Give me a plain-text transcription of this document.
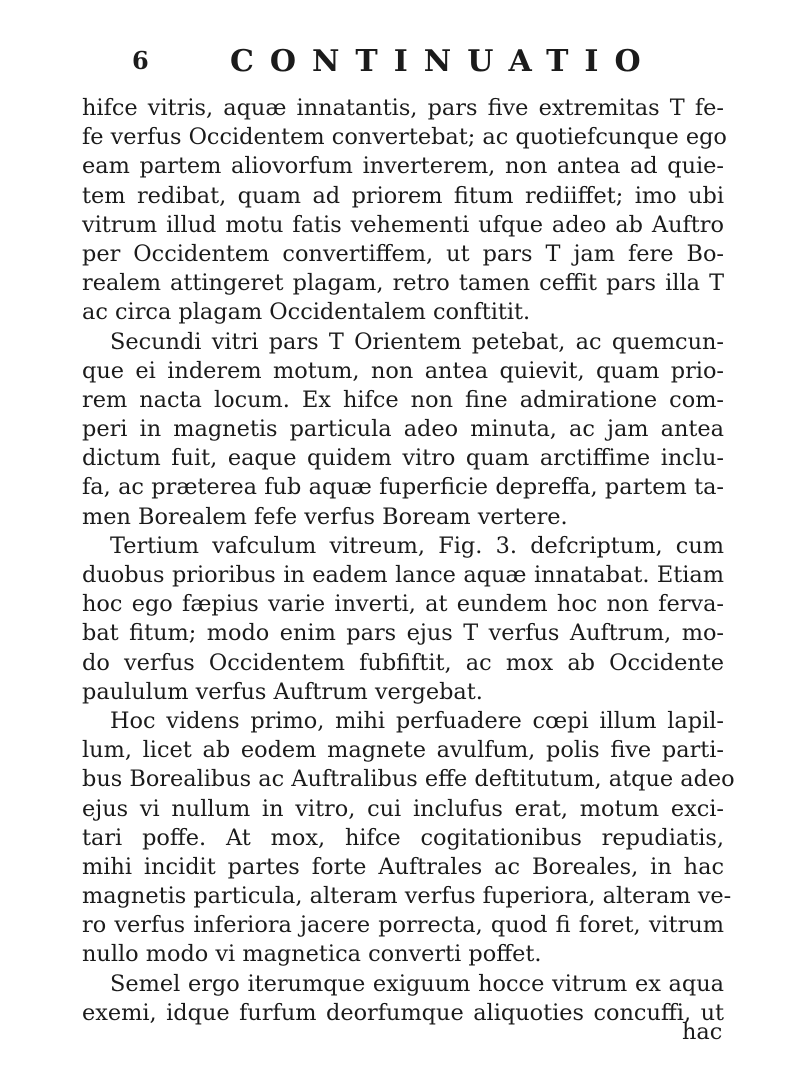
6	CONTINUATIO
hifce vitris, aquæ innatantis, pars five extremitas T fe-
fe verfus Occidentem convertebat; ac quotiefcunque ego
eam partem aliovorfum inverterem, non antea ad quie-
tem redibat, quam ad priorem fitum rediiffet; imo ubi
vitrum illud motu fatis vehementi ufque adeo ab Auftro
per Occidentem convertiffem, ut pars T jam fere Bo-
realem attingeret plagam, retro tamen ceffit pars illa T
ac circa plagam Occidentalem conftitit.
Secundi vitri pars T Orientem petebat, ac quemcun-
que ei inderem motum, non antea quievit, quam prio-
rem nacta locum. Ex hifce non fine admiratione com-
peri in magnetis particula adeo minuta, ac jam antea
dictum fuit, eaque quidem vitro quam arctiffime inclu-
fa, ac præterea fub aquæ fuperficie depreffa, partem ta-
men Borealem fefe verfus Boream vertere.
Tertium vafculum vitreum, Fig. 3. defcriptum, cum
duobus prioribus in eadem lance aquæ innatabat. Etiam
hoc ego fæpius varie inverti, at eundem hoc non ferva-
bat fitum; modo enim pars ejus T verfus Auftrum, mo-
do verfus Occidentem fubfiftit, ac mox ab Occidente
paululum verfus Auftrum vergebat.
Hoc videns primo, mihi perfuadere cœpi illum lapil-
lum, licet ab eodem magnete avulfum, polis five parti-
bus Borealibus ac Auftralibus effe deftitutum, atque adeo
ejus vi nullum in vitro, cui inclufus erat, motum exci-
tari poffe. At mox, hifce cogitationibus repudiatis,
mihi incidit partes forte Auftrales ac Boreales, in hac
magnetis particula, alteram verfus fuperiora, alteram ve-
ro verfus inferiora jacere porrecta, quod fi foret, vitrum
nullo modo vi magnetica converti poffet.
Semel ergo iterumque exiguum hocce vitrum ex aqua
exemi, idque furfum deorfumque aliquoties concuffi, ut
hac
